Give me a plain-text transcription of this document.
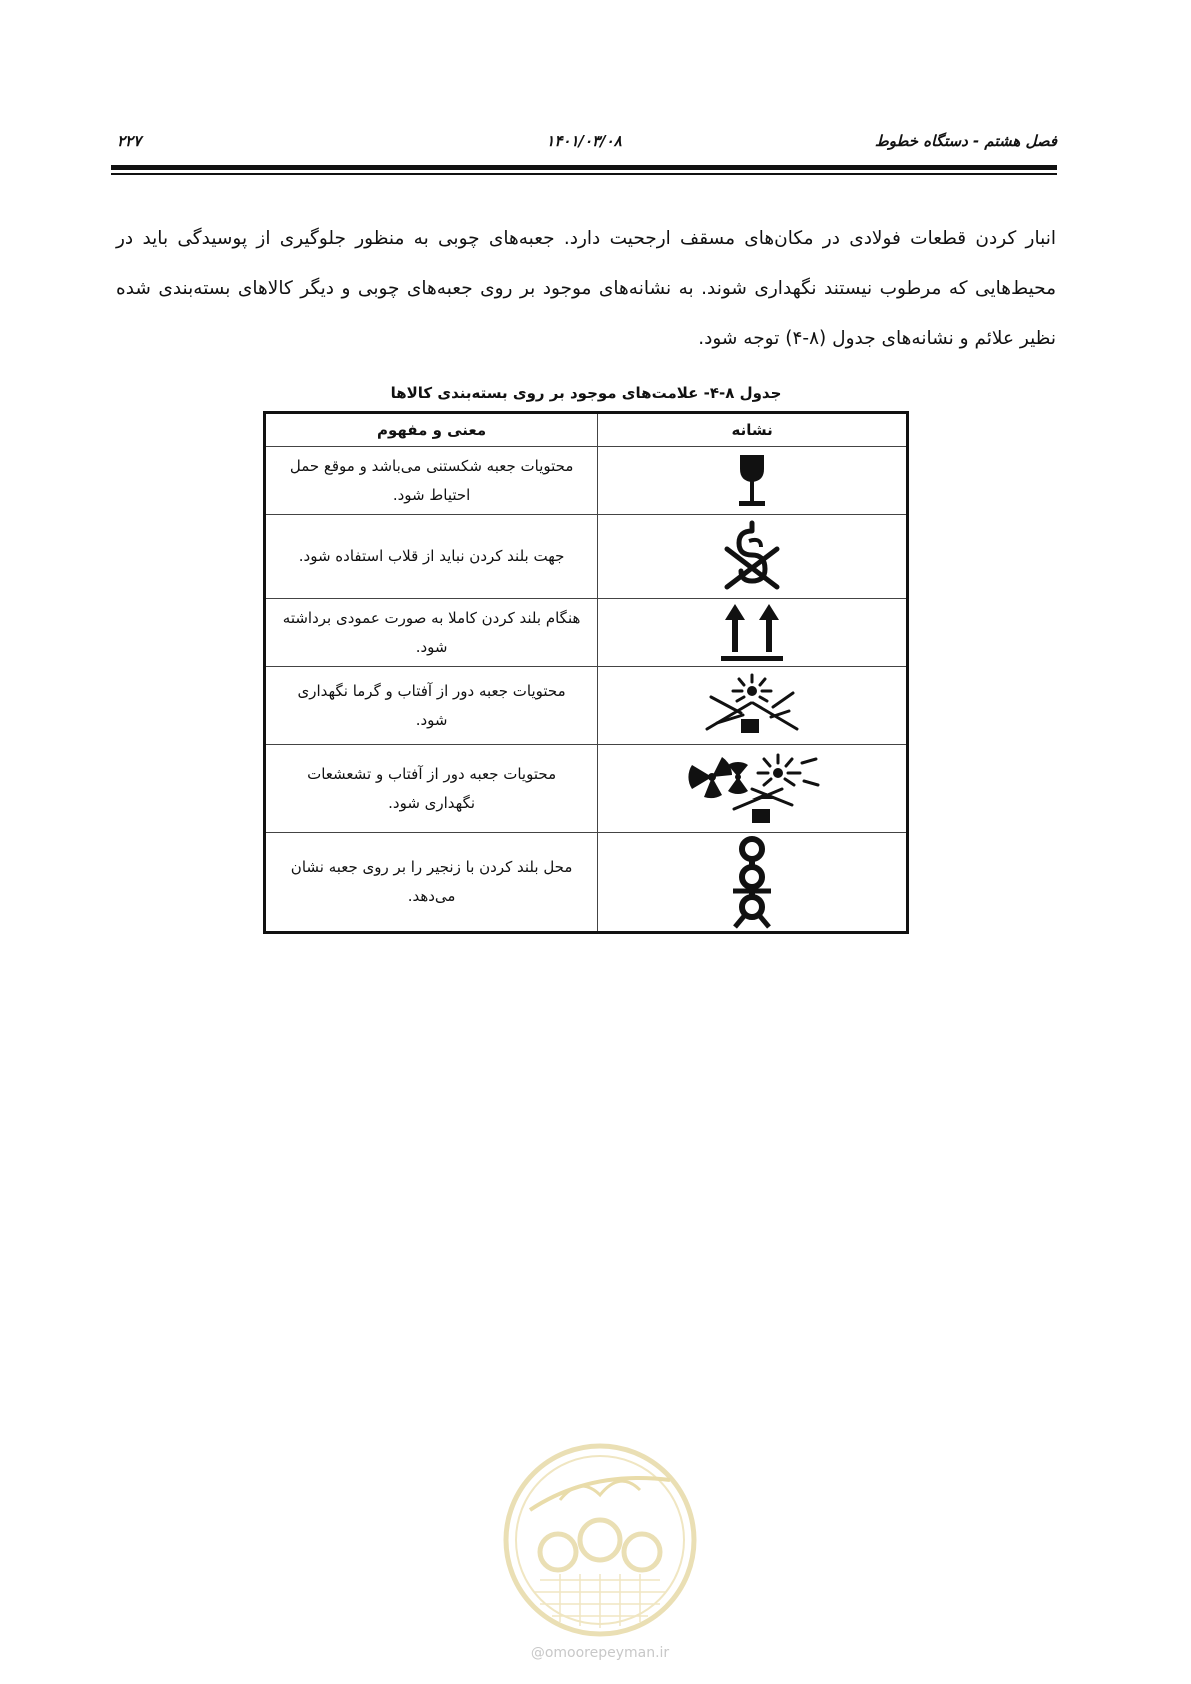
فصل هشتم - دستگاه خطوط
۱۴۰۱/۰۳/۰۸
۲۲۷

انبار کردن قطعات فولادی در مکان‌های مسقف ارجحیت دارد. جعبه‌های چوبی به منظور جلوگیری از پوسیدگی باید در محیط‌هایی که مرطوب نیستند نگهداری شوند. به نشانه‌های موجود بر روی جعبه‌های چوبی و دیگر کالاهای بسته‌بندی شده نظیر علائم و نشانه‌های جدول (۸-۴) توجه شود.

جدول ۸-۴- علامت‌های موجود بر روی بسته‌بندی کالاها
نشانه	معنی و مفهوم

	محتویات جعبه شکستنی می‌باشد و موقع حمل احتیاط شود.

	جهت بلند کردن نباید از قلاب استفاده شود.

	هنگام بلند کردن کاملا به صورت عمودی برداشته شود.

	محتویات جعبه دور از آفتاب و گرما نگهداری شود.

	محتویات جعبه دور از آفتاب و تشعشعات نگهداری شود.

	محل بلند کردن با زنجیر را بر روی جعبه نشان می‌دهد.
@omoorepeyman.ir
